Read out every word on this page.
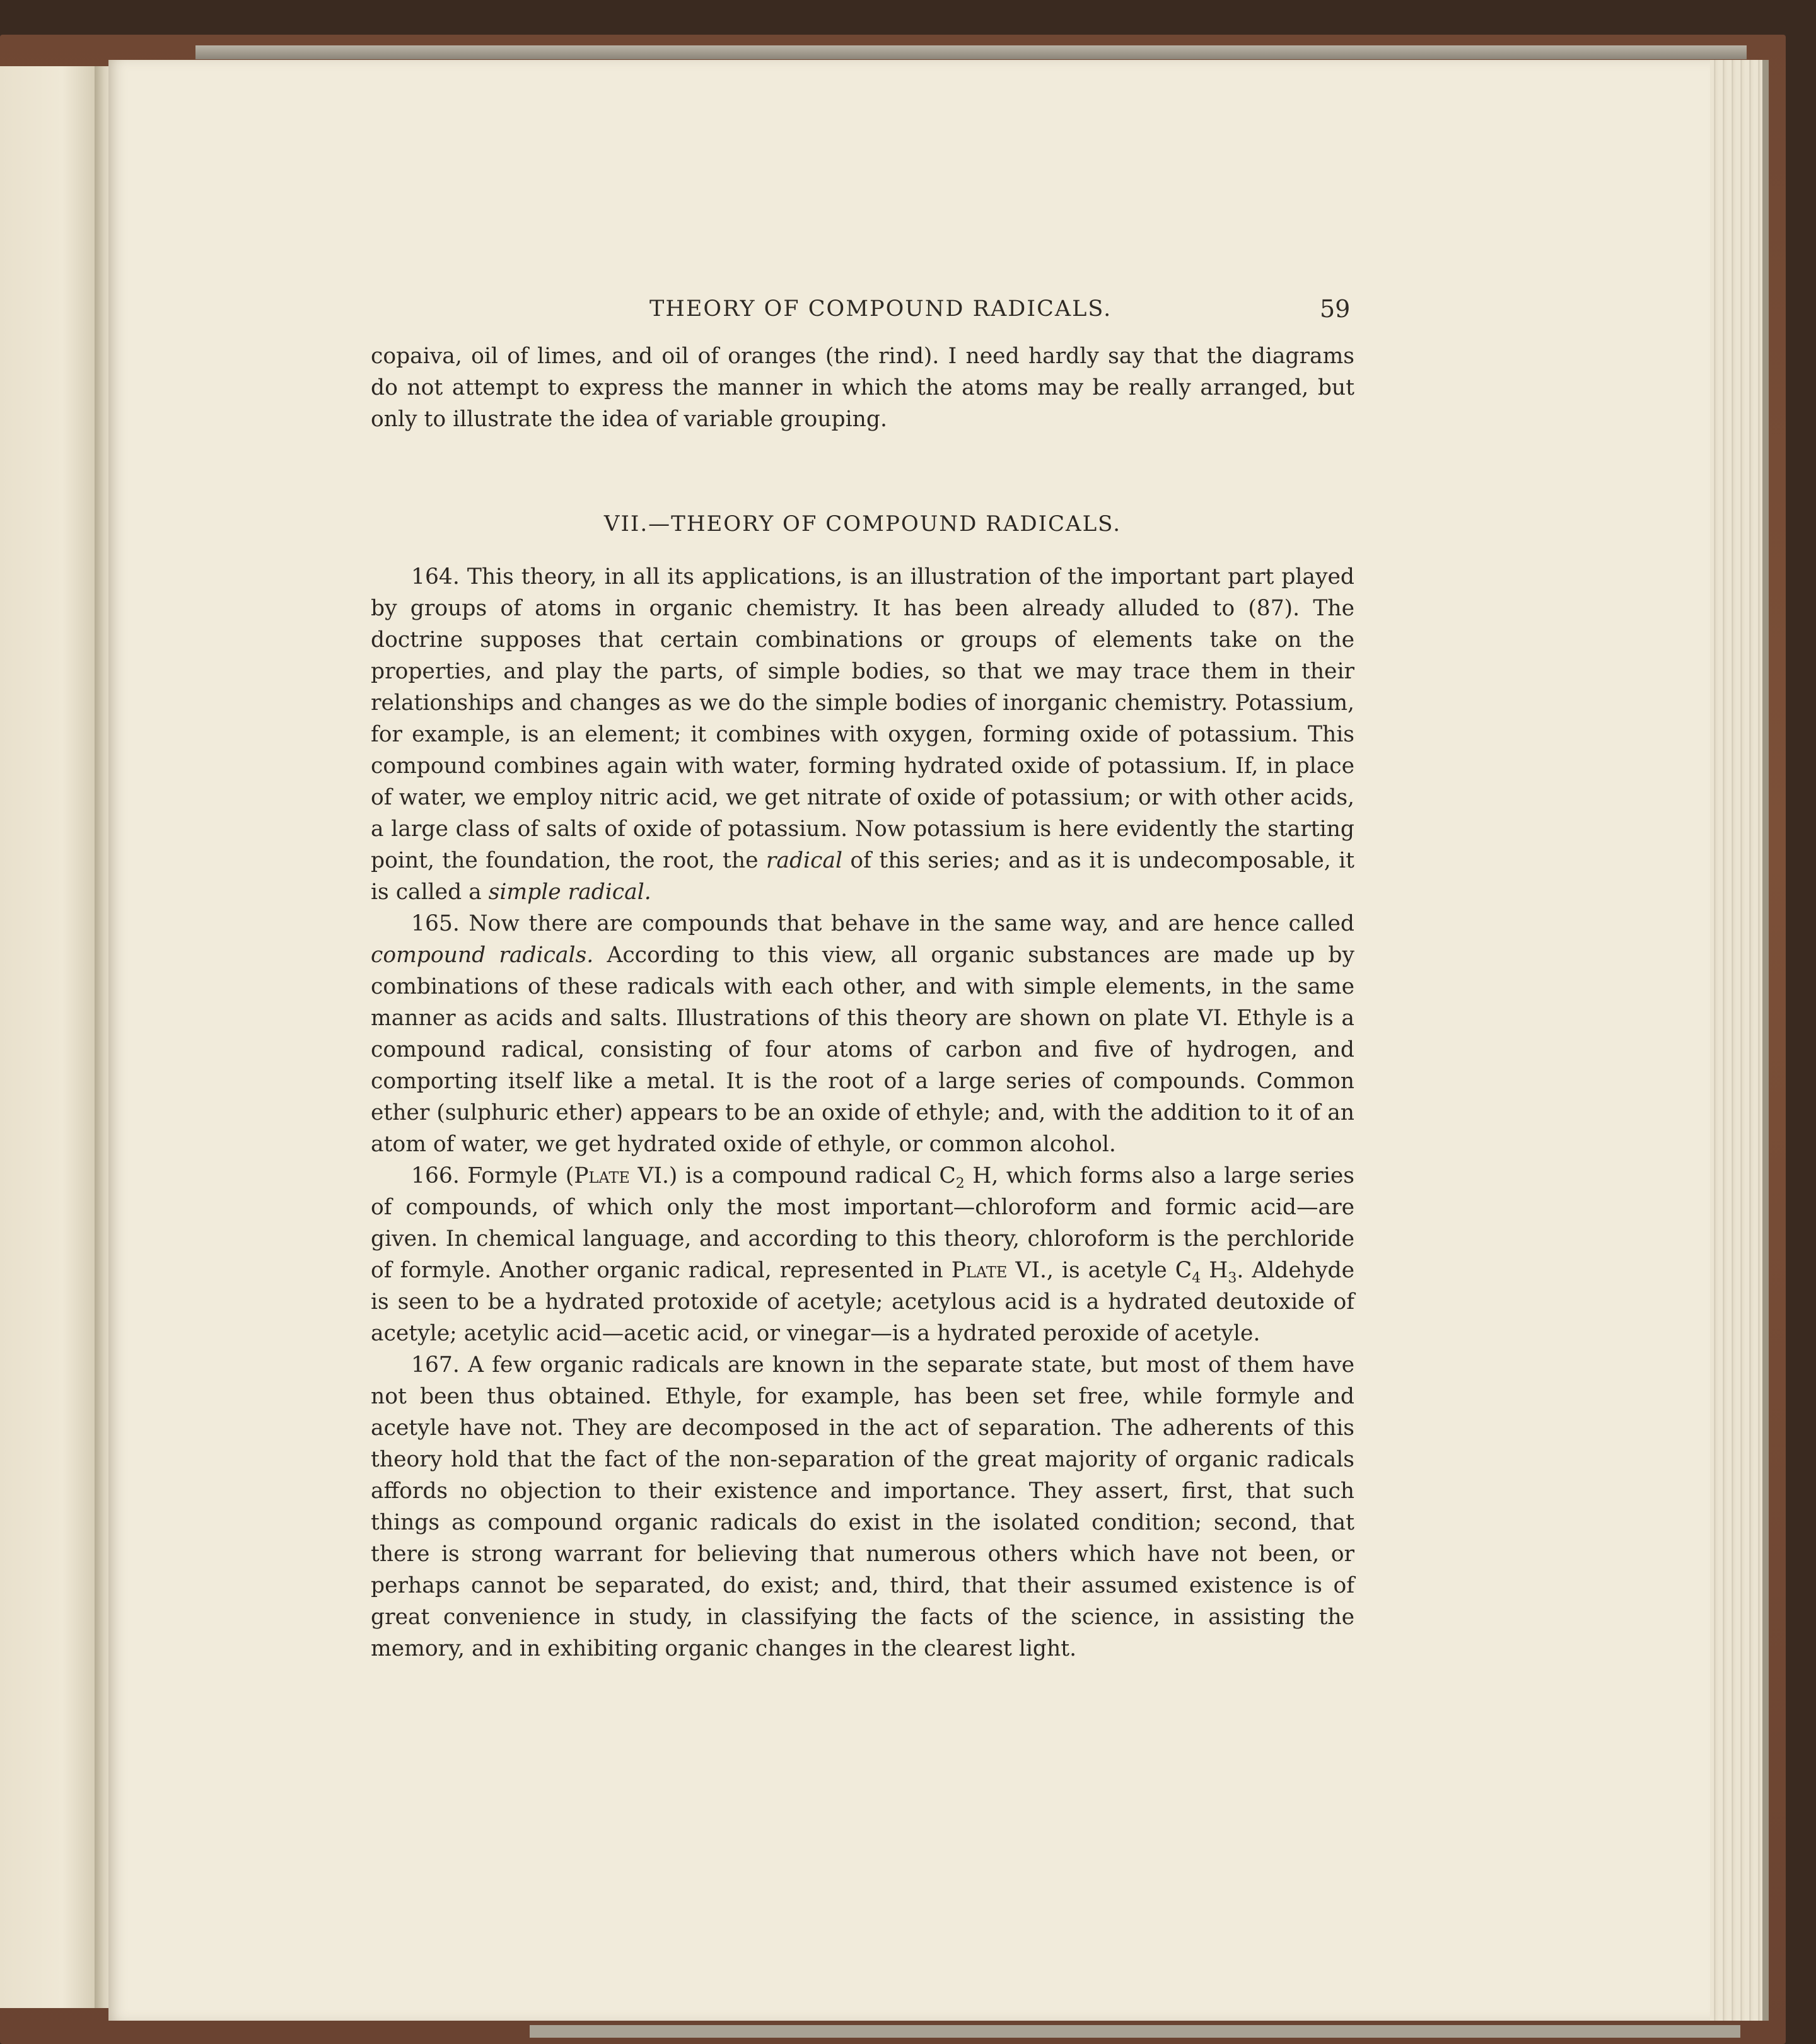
THEORY OF COMPOUND RADICALS.	59

copaiva, oil of limes, and oil of oranges (the rind). I need hardly say that the diagrams do not attempt to express the manner in which the atoms may be really arranged, but only to illustrate the idea of variable grouping.

VII.—THEORY OF COMPOUND RADICALS.

164. This theory, in all its applications, is an illustration of the important part played by groups of atoms in organic chemistry. It has been already alluded to (87). The doctrine supposes that certain combinations or groups of elements take on the properties, and play the parts, of simple bodies, so that we may trace them in their relationships and changes as we do the simple bodies of inorganic chemistry. Potassium, for example, is an element; it combines with oxygen, forming oxide of potassium. This compound combines again with water, forming hydrated oxide of potassium. If, in place of water, we employ nitric acid, we get nitrate of oxide of potassium; or with other acids, a large class of salts of oxide of potassium. Now potassium is here evidently the starting point, the foundation, the root, the radical of this series; and as it is undecomposable, it is called a simple radical.

165. Now there are compounds that behave in the same way, and are hence called compound radicals. According to this view, all organic substances are made up by combinations of these radicals with each other, and with simple elements, in the same manner as acids and salts. Illustrations of this theory are shown on plate VI. Ethyle is a compound radical, consisting of four atoms of carbon and five of hydrogen, and comporting itself like a metal. It is the root of a large series of compounds. Common ether (sulphuric ether) appears to be an oxide of ethyle; and, with the addition to it of an atom of water, we get hydrated oxide of ethyle, or common alcohol.

166. Formyle (Plate VI.) is a compound radical $C_2$ H, which forms also a large series of compounds, of which only the most important—chloroform and formic acid—are given. In chemical language, and according to this theory, chloroform is the perchloride of formyle. Another organic radical, represented in Plate VI., is acetyle $C_4$ $H_3$. Aldehyde is seen to be a hydrated protoxide of acetyle; acetylous acid is a hydrated deutoxide of acetyle; acetylic acid—acetic acid, or vinegar—is a hydrated peroxide of acetyle.

167. A few organic radicals are known in the separate state, but most of them have not been thus obtained. Ethyle, for example, has been set free, while formyle and acetyle have not. They are decomposed in the act of separation. The adherents of this theory hold that the fact of the non-separation of the great majority of organic radicals affords no objection to their existence and importance. They assert, first, that such things as compound organic radicals do exist in the isolated condition; second, that there is strong warrant for believing that numerous others which have not been, or perhaps cannot be separated, do exist; and, third, that their assumed existence is of great convenience in study, in classifying the facts of the science, in assisting the memory, and in exhibiting organic changes in the clearest light.
